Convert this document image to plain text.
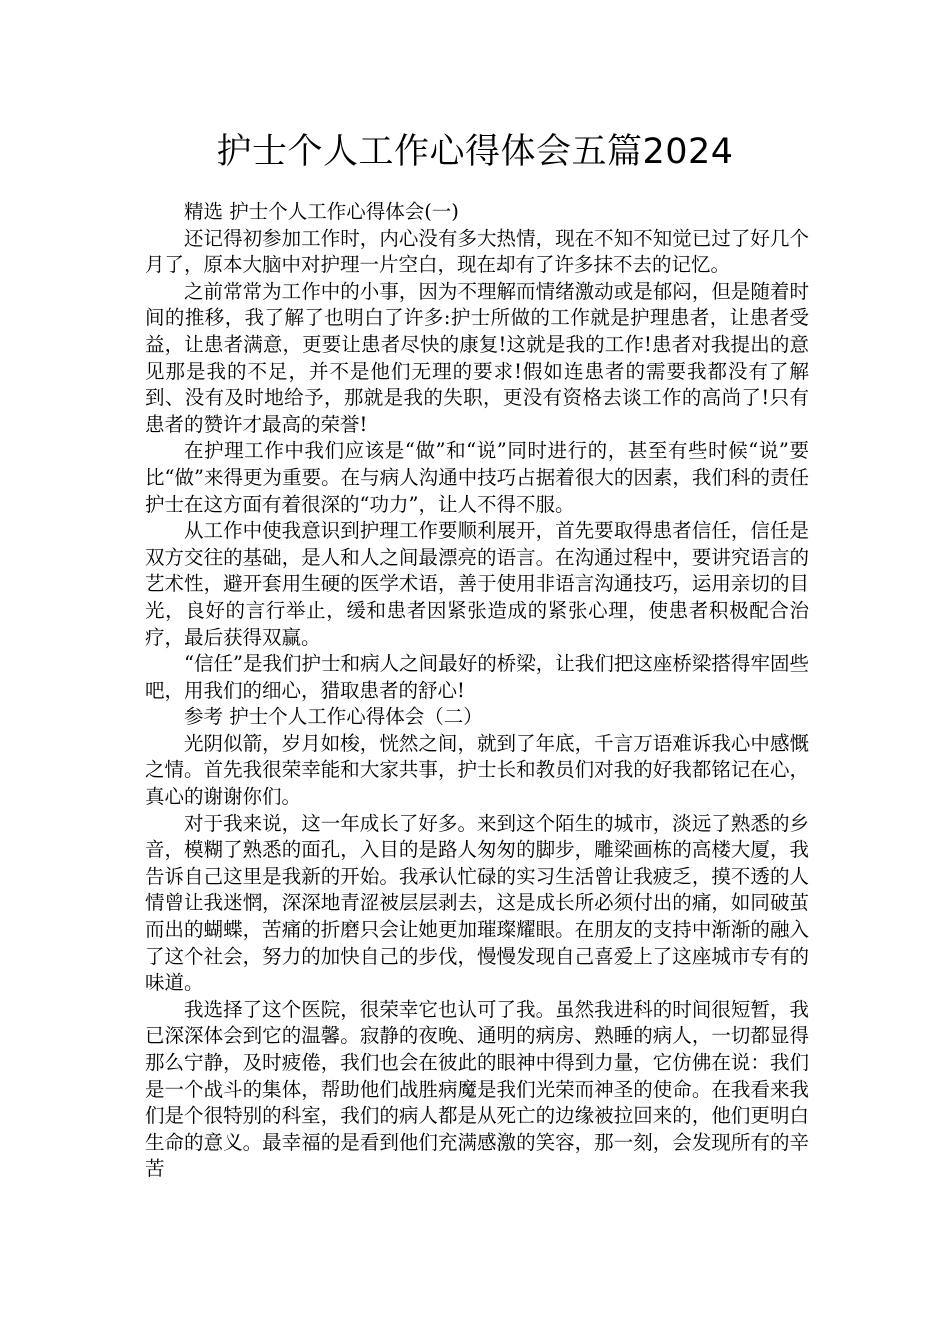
护士个人工作心得体会五篇2024

精选 护士个人工作心得体会(一)

还记得初参加工作时，内心没有多大热情，现在不知不知觉已过了好几个月了，原本大脑中对护理一片空白，现在却有了许多抹不去的记忆。

之前常常为工作中的小事，因为不理解而情绪激动或是郁闷，但是随着时间的推移，我了解了也明白了许多:护士所做的工作就是护理患者，让患者受益，让患者满意，更要让患者尽快的康复!这就是我的工作!患者对我提出的意见那是我的不足，并不是他们无理的要求!假如连患者的需要我都没有了解到、没有及时地给予，那就是我的失职，更没有资格去谈工作的高尚了!只有患者的赞许才最高的荣誉!

在护理工作中我们应该是“做”和“说”同时进行的，甚至有些时候“说”要比“做”来得更为重要。在与病人沟通中技巧占据着很大的因素，我们科的责任护士在这方面有着很深的“功力”，让人不得不服。

从工作中使我意识到护理工作要顺利展开，首先要取得患者信任，信任是双方交往的基础，是人和人之间最漂亮的语言。在沟通过程中，要讲究语言的艺术性，避开套用生硬的医学术语，善于使用非语言沟通技巧，运用亲切的目光，良好的言行举止，缓和患者因紧张造成的紧张心理，使患者积极配合治疗，最后获得双赢。

“信任”是我们护士和病人之间最好的桥梁，让我们把这座桥梁搭得牢固些吧，用我们的细心，猎取患者的舒心!

参考 护士个人工作心得体会（二）

光阴似箭，岁月如梭，恍然之间，就到了年底，千言万语难诉我心中感慨之情。首先我很荣幸能和大家共事，护士长和教员们对我的好我都铭记在心，真心的谢谢你们。

对于我来说，这一年成长了好多。来到这个陌生的城市，淡远了熟悉的乡音，模糊了熟悉的面孔，入目的是路人匆匆的脚步，雕梁画栋的高楼大厦，我告诉自己这里是我新的开始。我承认忙碌的实习生活曾让我疲乏，摸不透的人情曾让我迷惘，深深地青涩被层层剥去，这是成长所必须付出的痛，如同破茧而出的蝴蝶，苦痛的折磨只会让她更加璀璨耀眼。在朋友的支持中渐渐的融入了这个社会，努力的加快自己的步伐，慢慢发现自己喜爱上了这座城市专有的味道。

我选择了这个医院，很荣幸它也认可了我。虽然我进科的时间很短暂，我已深深体会到它的温馨。寂静的夜晚、通明的病房、熟睡的病人，一切都显得那么宁静，及时疲倦，我们也会在彼此的眼神中得到力量，它仿佛在说：我们是一个战斗的集体，帮助他们战胜病魔是我们光荣而神圣的使命。在我看来我们是个很特别的科室，我们的病人都是从死亡的边缘被拉回来的，他们更明白生命的意义。最幸福的是看到他们充满感激的笑容，那一刻，会发现所有的辛苦
